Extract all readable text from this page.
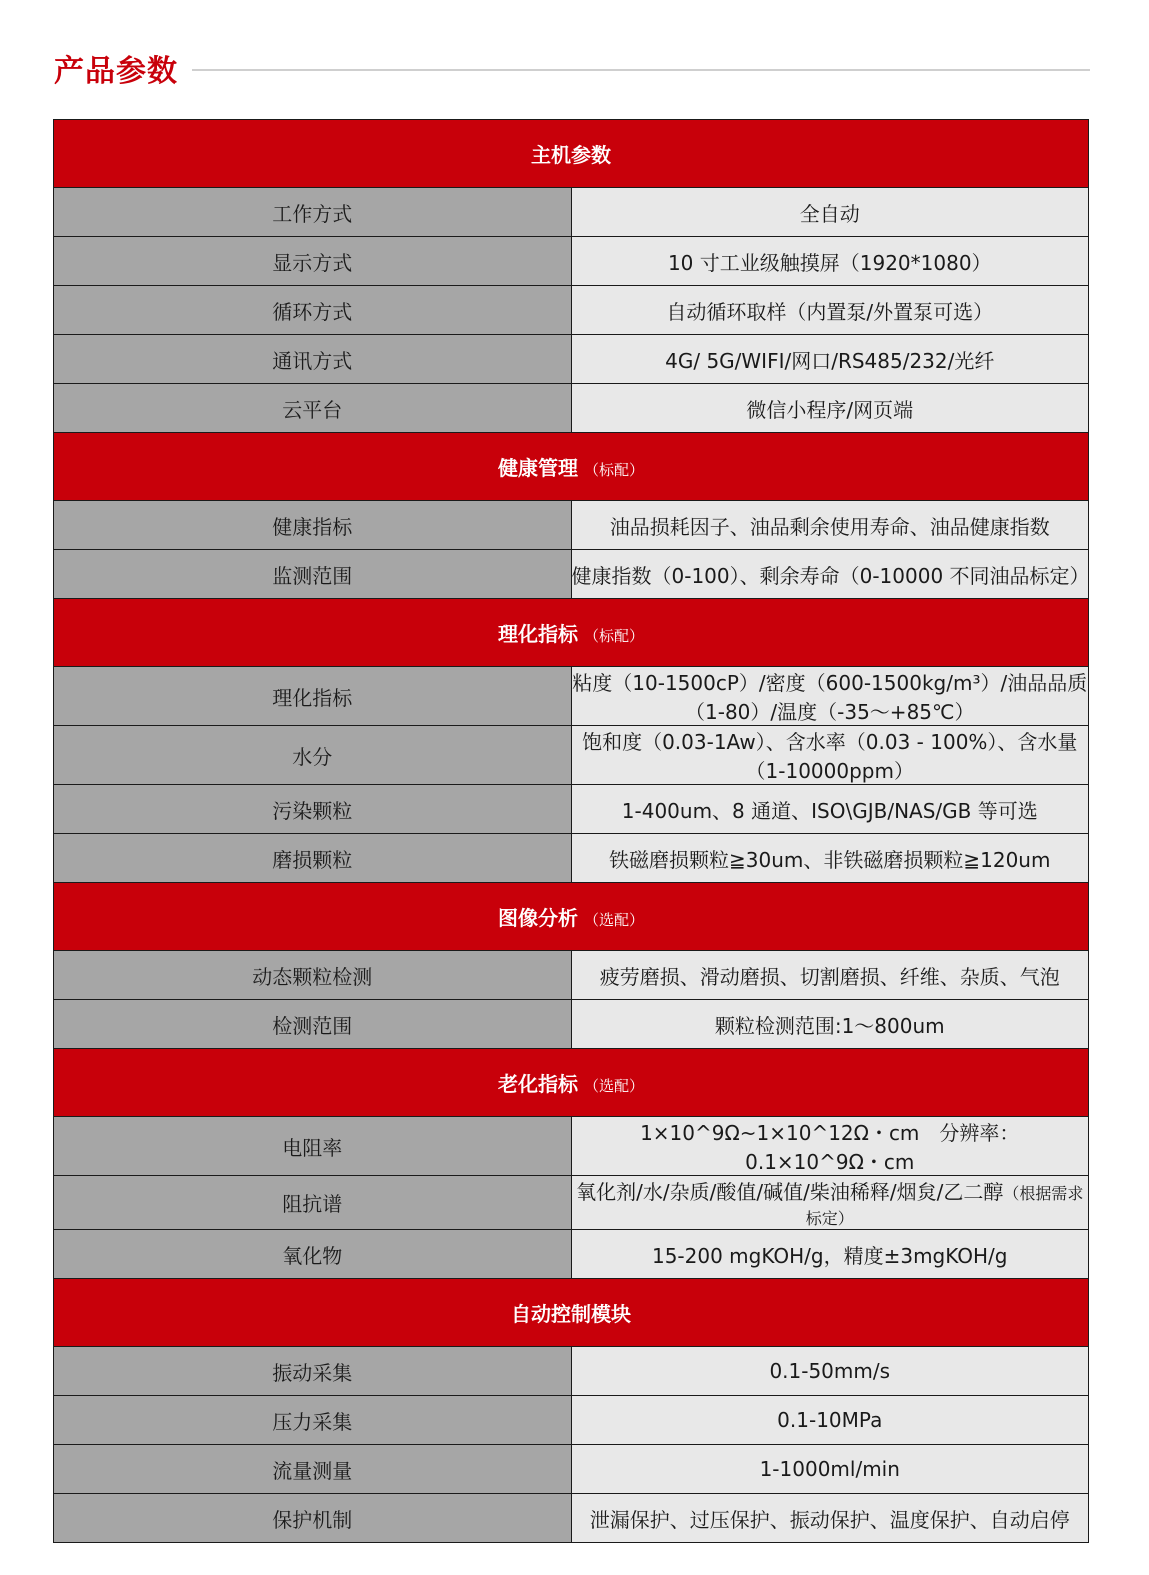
产品参数
主机参数	
工作方式	全自动
显示方式	10 寸工业级触摸屏（1920*1080）
循环方式	自动循环取样（内置泵/外置泵可选）
通讯方式	4G/ 5G/WIFI/网口/RS485/232/光纤
云平台	微信小程序/网页端
健康管理 （标配）	
健康指标	油品损耗因子、油品剩余使用寿命、油品健康指数
监测范围	健康指数（0-100）、剩余寿命（0-10000 不同油品标定）
理化指标 （标配）	
理化指标	粘度（10-1500cP）/密度（600-1500kg/m³）/油品品质（1-80）/温度（-35～+85℃）
水分	饱和度（0.03-1Aw）、含水率（0.03 - 100%）、含水量（1-10000ppm）
污染颗粒	1-400um、8 通道、ISO\GJB/NAS/GB 等可选
磨损颗粒	铁磁磨损颗粒≧30um、非铁磁磨损颗粒≧120um
图像分析 （选配）	
动态颗粒检测	疲劳磨损、滑动磨损、切割磨损、纤维、杂质、气泡
检测范围	颗粒检测范围:1～800um
老化指标 （选配）	
电阻率	1×10^9Ω~1×10^12Ω・cm　分辨率：0.1×10^9Ω・cm
阻抗谱	氧化剂/水/杂质/酸值/碱值/柴油稀释/烟炱/乙二醇（根据需求标定）
氧化物	15-200 mgKOH/g，精度±3mgKOH/g
自动控制模块	
振动采集	0.1-50mm/s
压力采集	0.1-10MPa
流量测量	1-1000ml/min
保护机制	泄漏保护、过压保护、振动保护、温度保护、自动启停
